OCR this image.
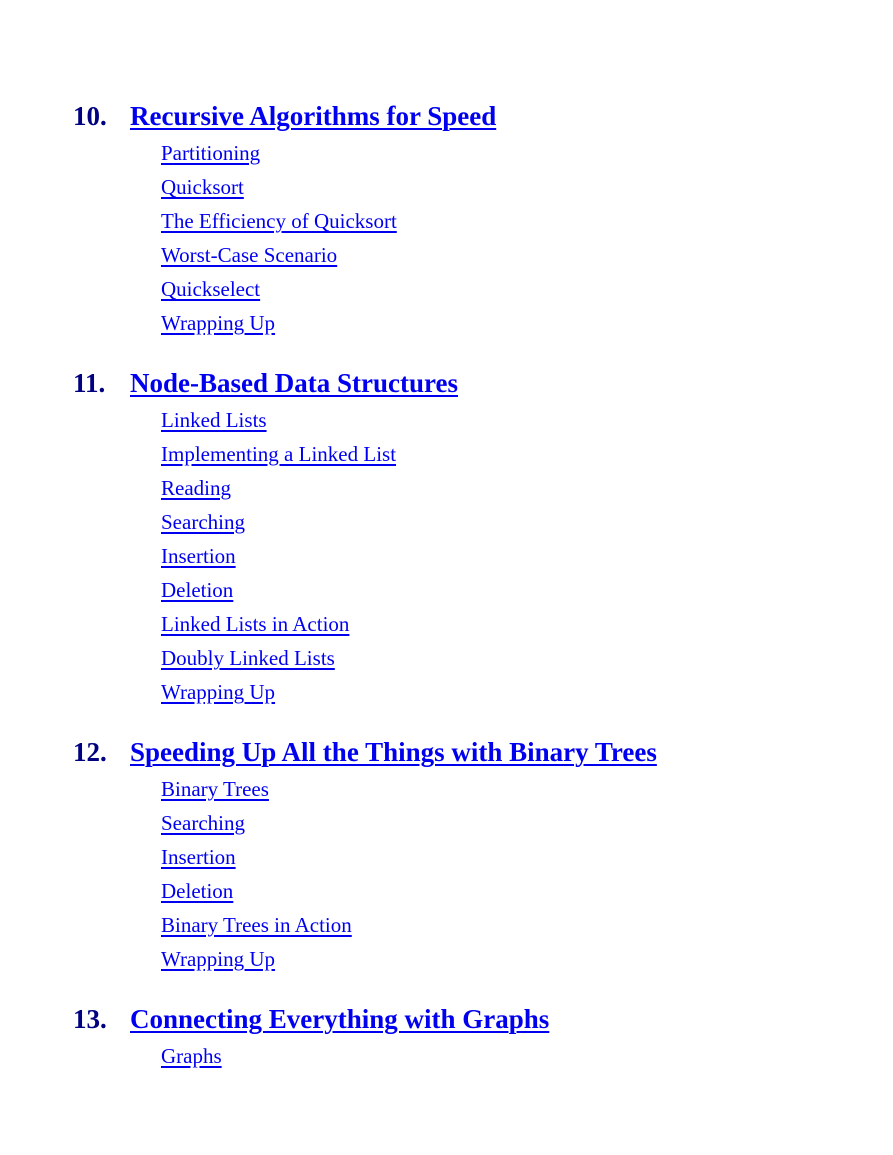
10. Recursive Algorithms for Speed
Partitioning
Quicksort
The Efficiency of Quicksort
Worst-Case Scenario
Quickselect
Wrapping Up
11. Node-Based Data Structures
Linked Lists
Implementing a Linked List
Reading
Searching
Insertion
Deletion
Linked Lists in Action
Doubly Linked Lists
Wrapping Up
12. Speeding Up All the Things with Binary Trees
Binary Trees
Searching
Insertion
Deletion
Binary Trees in Action
Wrapping Up
13. Connecting Everything with Graphs
Graphs
